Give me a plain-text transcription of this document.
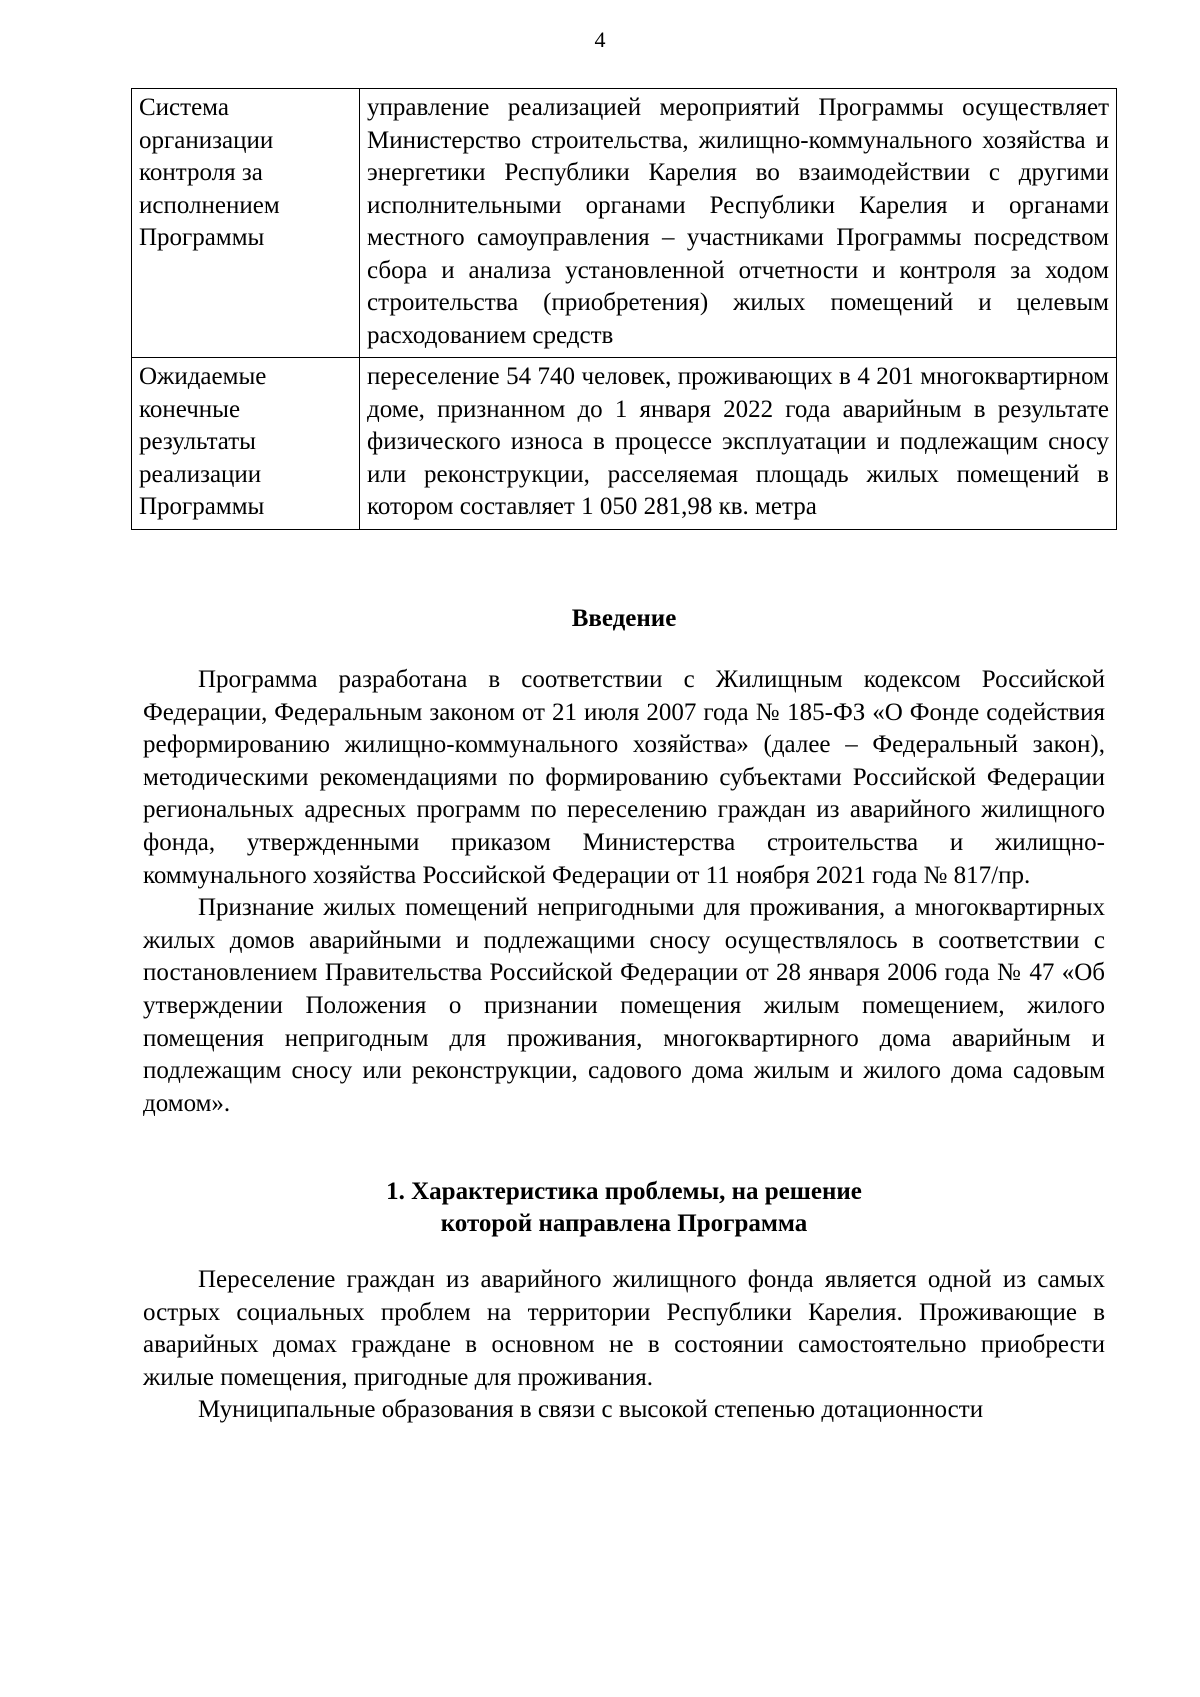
4
Система организации контроля за исполнением Программы	управление реализацией мероприятий Программы осуществляет Министерство строительства, жилищно-коммунального хозяйства и энергетики Республики Карелия во взаимодействии с другими исполнительными органами Республики Карелия и органами местного самоуправления – участниками Программы посредством сбора и анализа установленной отчетности и контроля за ходом строительства (приобретения) жилых помещений и целевым расходованием средств
Ожидаемые конечные результаты реализации Программы	переселение 54 740 человек, проживающих в 4 201 многоквартирном доме, признанном до 1 января 2022 года аварийным в результате физического износа в процессе эксплуатации и подлежащим сносу или реконструкции, расселяемая площадь жилых помещений в котором составляет 1 050 281,98 кв. метра
Введение

Программа разработана в соответствии с Жилищным кодексом Российской Федерации, Федеральным законом от 21 июля 2007 года № 185-ФЗ «О Фонде содействия реформированию жилищно-коммунального хозяйства» (далее – Федеральный закон), методическими рекомендациями по формированию субъектами Российской Федерации региональных адресных программ по переселению граждан из аварийного жилищного фонда, утвержденными приказом Министерства строительства и жилищно-коммунального хозяйства Российской Федерации от 11 ноября 2021 года № 817/пр.

Признание жилых помещений непригодными для проживания, а многоквартирных жилых домов аварийными и подлежащими сносу осуществлялось в соответствии с постановлением Правительства Российской Федерации от 28 января 2006 года № 47 «Об утверждении Положения о признании помещения жилым помещением, жилого помещения непригодным для проживания, многоквартирного дома аварийным и подлежащим сносу или реконструкции, садового дома жилым и жилого дома садовым домом».

1. Характеристика проблемы, на решение
которой направлена Программа

Переселение граждан из аварийного жилищного фонда является одной из самых острых социальных проблем на территории Республики Карелия. Проживающие в аварийных домах граждане в основном не в состоянии самостоятельно приобрести жилые помещения, пригодные для проживания.

Муниципальные образования в связи с высокой степенью дотационности
